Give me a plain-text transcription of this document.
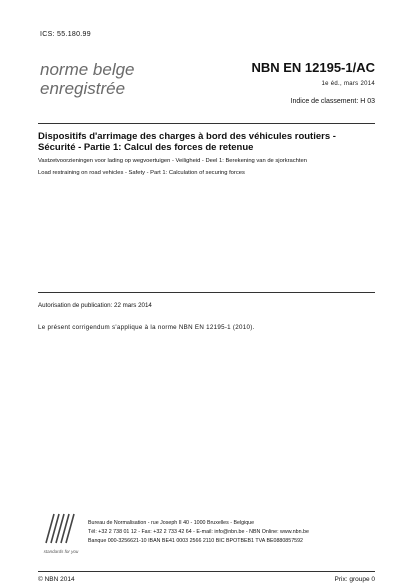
ICS: 55.180.99
norme belge
enregistrée
NBN EN 12195-1/AC
1e éd., mars 2014
Indice de classement: H 03
Dispositifs d'arrimage des charges à bord des véhicules routiers - Sécurité - Partie 1: Calcul des forces de retenue
Vastzetvoorzieningen voor lading op wegvoertuigen - Veiligheid - Deel 1: Berekening van de sjorkrachten
Load restraining on road vehicles - Safety - Part 1: Calculation of securing forces
Autorisation de publication: 22 mars 2014
Le présent corrigendum s'applique à la norme NBN EN 12195-1 (2010).
standards for you
Bureau de Normalisation - rue Joseph II 40 - 1000 Bruxelles - Belgique
Tél: +32 2 738 01 12 - Fax: +32 2 733 42 64 - E-mail: info@nbn.be - NBN Online: www.nbn.be
Banque 000-3256621-10 IBAN BE41 0003 2566 2110 BIC BPOTBEB1 TVA BE0880857592
© NBN 2014	Prix: groupe 0
